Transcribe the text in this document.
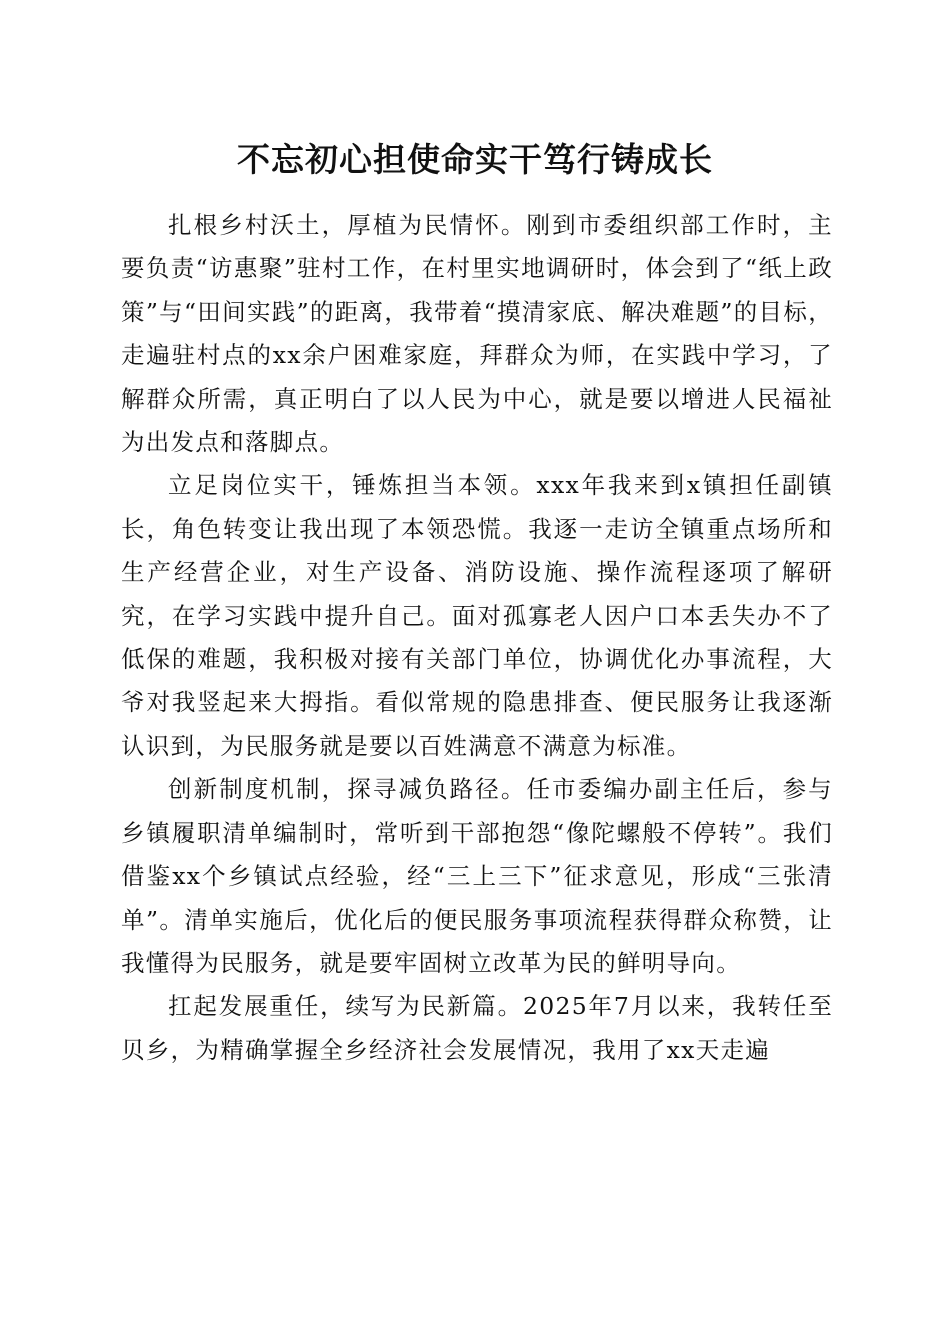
不忘初心担使命实干笃行铸成长

扎根乡村沃土，厚植为民情怀。刚到市委组织部工作时，主要负责“访惠聚”驻村工作，在村里实地调研时，体会到了“纸上政策”与“田间实践”的距离，我带着“摸清家底、解决难题”的目标，走遍驻村点的xx余户困难家庭，拜群众为师，在实践中学习，了解群众所需，真正明白了以人民为中心，就是要以增进人民福祉为出发点和落脚点。

立足岗位实干，锤炼担当本领。xxx年我来到x镇担任副镇长，角色转变让我出现了本领恐慌。我逐一走访全镇重点场所和生产经营企业，对生产设备、消防设施、操作流程逐项了解研究，在学习实践中提升自己。面对孤寡老人因户口本丢失办不了低保的难题，我积极对接有关部门单位，协调优化办事流程，大爷对我竖起来大拇指。看似常规的隐患排查、便民服务让我逐渐认识到，为民服务就是要以百姓满意不满意为标准。

创新制度机制，探寻减负路径。任市委编办副主任后，参与乡镇履职清单编制时，常听到干部抱怨“像陀螺般不停转”。我们借鉴xx个乡镇试点经验，经“三上三下”征求意见，形成“三张清单”。清单实施后，优化后的便民服务事项流程获得群众称赞，让我懂得为民服务，就是要牢固树立改革为民的鲜明导向。

扛起发展重任，续写为民新篇。2025年7月以来，我转任至贝乡，为精确掌握全乡经济社会发展情况，我用了xx天走遍
